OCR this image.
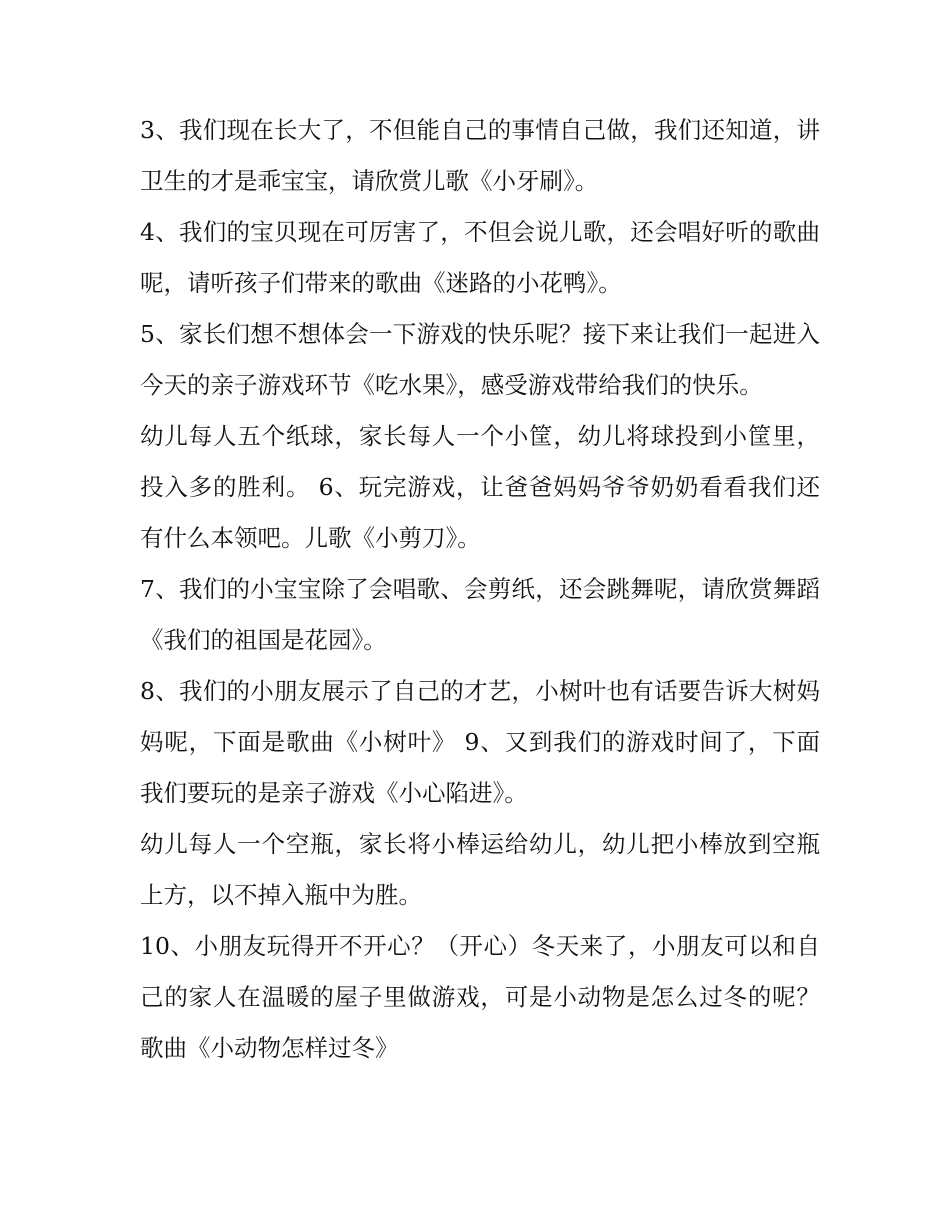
3、我们现在长大了，不但能自己的事情自己做，我们还知道，讲卫生的才是乖宝宝，请欣赏儿歌《小牙刷》。

4、我们的宝贝现在可厉害了，不但会说儿歌，还会唱好听的歌曲呢，请听孩子们带来的歌曲《迷路的小花鸭》。

5、家长们想不想体会一下游戏的快乐呢？接下来让我们一起进入今天的亲子游戏环节《吃水果》，感受游戏带给我们的快乐。

幼儿每人五个纸球，家长每人一个小筐，幼儿将球投到小筐里，投入多的胜利。 6、玩完游戏，让爸爸妈妈爷爷奶奶看看我们还有什么本领吧。儿歌《小剪刀》。

7、我们的小宝宝除了会唱歌、会剪纸，还会跳舞呢，请欣赏舞蹈《我们的祖国是花园》。

8、我们的小朋友展示了自己的才艺，小树叶也有话要告诉大树妈妈呢，下面是歌曲《小树叶》 9、又到我们的游戏时间了，下面我们要玩的是亲子游戏《小心陷进》。

幼儿每人一个空瓶，家长将小棒运给幼儿，幼儿把小棒放到空瓶上方，以不掉入瓶中为胜。

10、小朋友玩得开不开心？（开心）冬天来了，小朋友可以和自己的家人在温暖的屋子里做游戏，可是小动物是怎么过冬的呢？歌曲《小动物怎样过冬》
